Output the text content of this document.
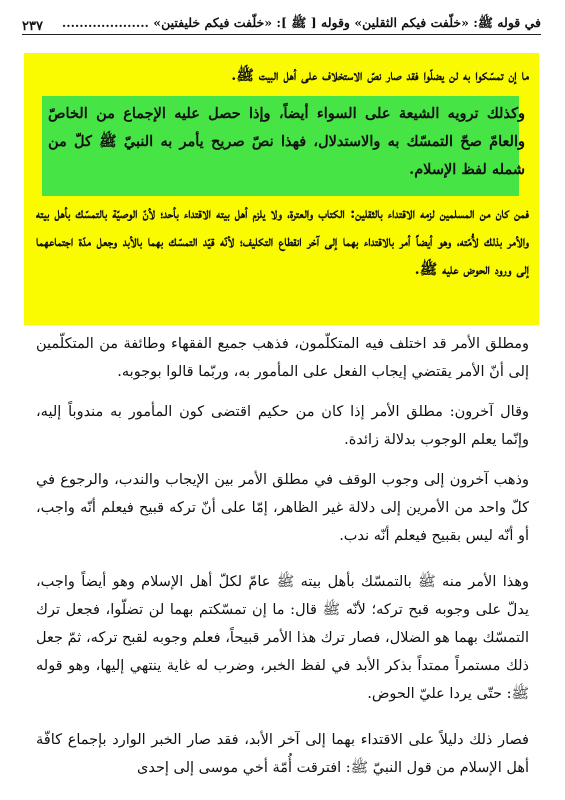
في قوله ﷺ: «خلّفت فيكم الثقلين» وقوله [ ﷺ ]: «خلّفت فيكم خليفتين» ....................
٢٣٧

ما إن تمسّكوا به لن يضلّوا فقد صار نصّ الاستخلاف على أهل البيت ﷺ.

وكذلك ترويه الشيعة على السواء أيضاً، وإذا حصل عليه الإجماع من الخاصّ والعامّ صحّ التمسّك به والاستدلال، فهذا نصّ صريح يأمر به النبيّ ﷺ كلّ من شمله لفظ الإسلام.

فمن كان من المسلمين لزمه الاقتداء بالثقلين: الكتاب والعترة، ولا يلزم أهل بيته الاقتداء بأحد؛ لأنّ الوصيّة بالتمسّك بأهل بيته والأمر بذلك لأُمّته، وهو أيضاً أمر بالاقتداء بهما إلى آخر انقطاع التكليف؛ لأنّه قيّد التمسّك بهما بالأبد وجعل مدّة اجتماعهما إلى ورود الحوض عليه ﷺ.

ومطلق الأمر قد اختلف فيه المتكلّمون، فذهب جميع الفقهاء وطائفة من المتكلّمين إلى أنّ الأمر يقتضي إيجاب الفعل على المأمور به، وربّما قالوا بوجوبه.

وقال آخرون: مطلق الأمر إذا كان من حكيم اقتضى كون المأمور به مندوباً إليه، وإنّما يعلم الوجوب بدلالة زائدة.

وذهب آخرون إلى وجوب الوقف في مطلق الأمر بين الإيجاب والندب، والرجوع في كلّ واحد من الأمرين إلى دلالة غير الظاهر، إمّا على أنّ تركه قبيح فيعلم أنّه واجب، أو أنّه ليس بقبيح فيعلم أنّه ندب.

وهذا الأمر منه ﷺ بالتمسّك بأهل بيته ﷺ عامّ لكلّ أهل الإسلام وهو أيضاً واجب، يدلّ على وجوبه قبح تركه؛ لأنّه ﷺ قال: ما إن تمسّكتم بهما لن تضلّوا، فجعل ترك التمسّك بهما هو الضلال، فصار ترك هذا الأمر قبيحاً، فعلم وجوبه لقبح تركه، ثمّ جعل ذلك مستمراً ممتداً بذكر الأبد في لفظ الخبر، وضرب له غاية ينتهي إليها، وهو قوله ﷺ: حتّى يردا عليّ الحوض.

فصار ذلك دليلاً على الاقتداء بهما إلى آخر الأبد، فقد صار الخبر الوارد بإجماع كافّة أهل الإسلام من قول النبيّ ﷺ: افترقت أُمّة أخي موسى إلى إحدى
